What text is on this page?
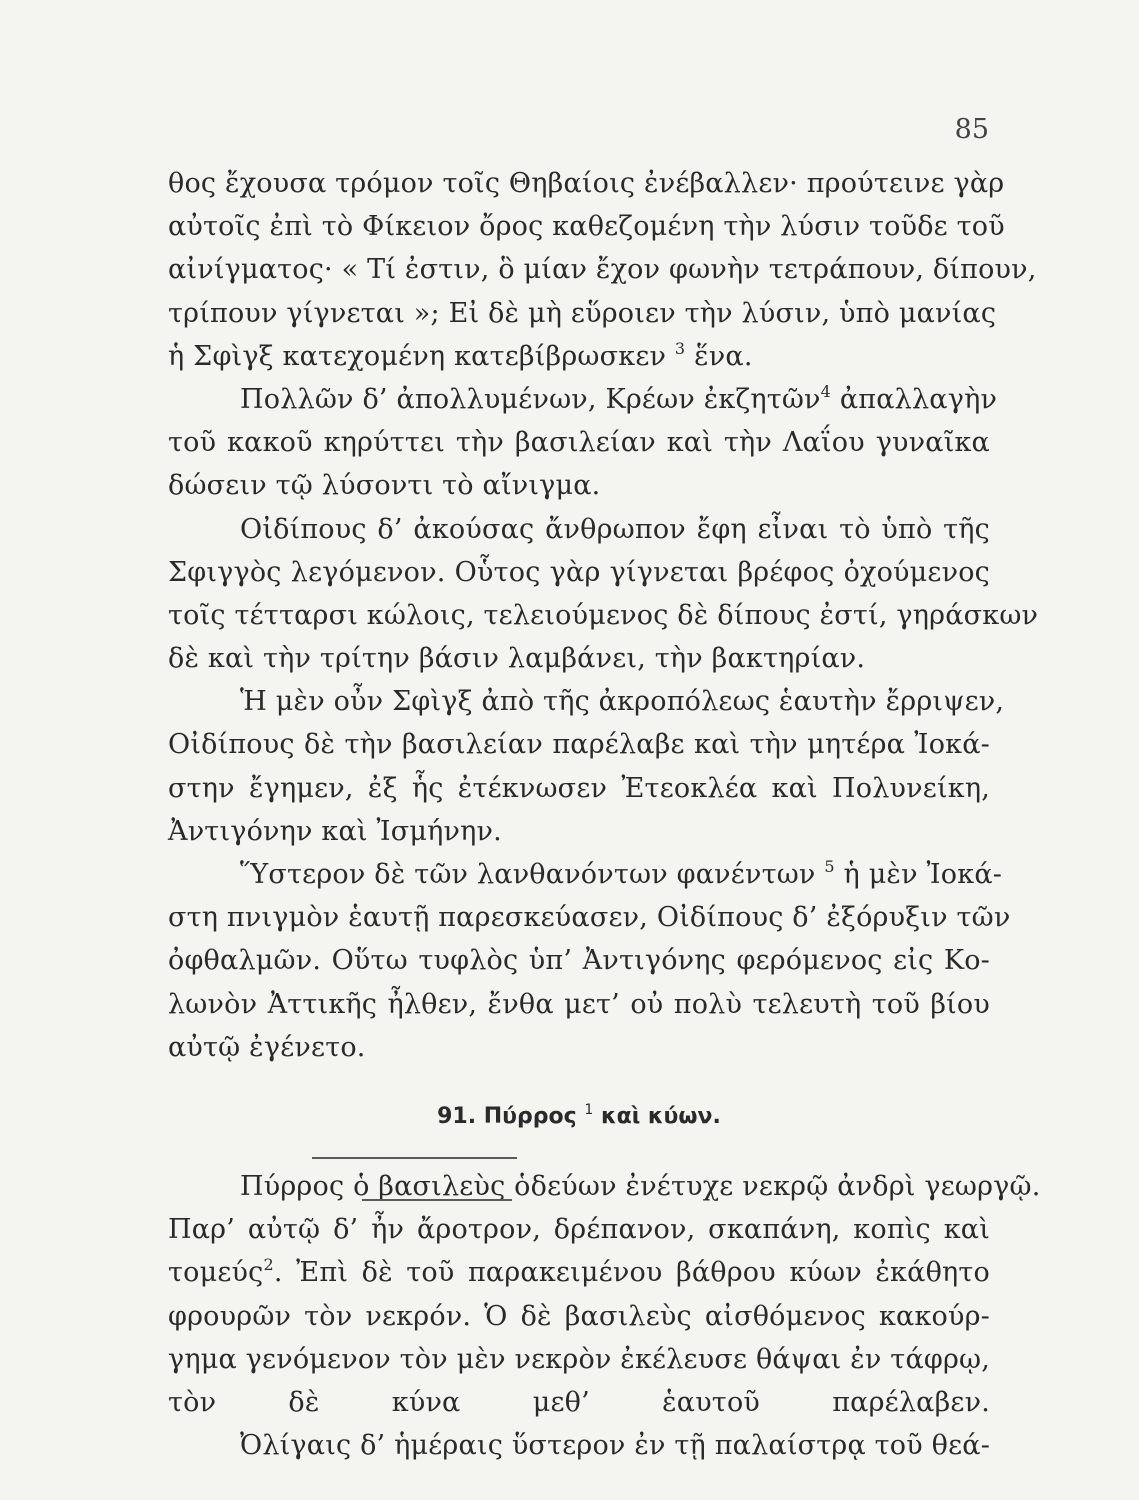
85
θος ἔχουσα τρόμον τοῖς Θηβαίοις ἐνέβαλλεν· προύτεινε γὰρ
αὐτοῖς ἐπὶ τὸ Φίκειον ὄρος καθεζομένη τὴν λύσιν τοῦδε τοῦ
αἰνίγματος· « Τί ἐστιν, ὃ μίαν ἔχον φωνὴν τετράπουν, δίπουν,
τρίπουν γίγνεται »; Εἰ δὲ μὴ εὕροιεν τὴν λύσιν, ὑπὸ μανίας
ἡ Σφὶγξ κατεχομένη κατεβίβρωσκεν $^3$ ἕνα.
Πολλῶν δ’ ἀπολλυμένων, Κρέων ἐκζητῶν$^4$ ἀπαλλαγὴν
τοῦ κακοῦ κηρύττει τὴν βασιλείαν καὶ τὴν Λαΐου γυναῖκα
δώσειν τῷ λύσοντι τὸ αἴνιγμα.
Οἰδίπους δ’ ἀκούσας ἄνθρωπον ἔφη εἶναι τὸ ὑπὸ τῆς
Σφιγγὸς λεγόμενον. Οὗτος γὰρ γίγνεται βρέφος ὀχούμενος
τοῖς τέτταρσι κώλοις, τελειούμενος δὲ δίπους ἐστί, γηράσκων
δὲ καὶ τὴν τρίτην βάσιν λαμβάνει, τὴν βακτηρίαν.
Ἡ μὲν οὖν Σφὶγξ ἀπὸ τῆς ἀκροπόλεως ἑαυτὴν ἔρριψεν,
Οἰδίπους δὲ τὴν βασιλείαν παρέλαβε καὶ τὴν μητέρα Ἰοκά-
στην ἔγημεν, ἐξ ἧς ἐτέκνωσεν Ἐτεοκλέα καὶ Πολυνείκη,
Ἀντιγόνην καὶ Ἰσμήνην.
Ὕστερον δὲ τῶν λανθανόντων φανέντων $^5$ ἡ μὲν Ἰοκά-
στη πνιγμὸν ἑαυτῇ παρεσκεύασεν, Οἰδίπους δ’ ἐξόρυξιν τῶν
ὀφθαλμῶν. Οὕτω τυφλὸς ὑπ’ Ἀντιγόνης φερόμενος εἰς Κο-
λωνὸν Ἀττικῆς ἦλθεν, ἔνθα μετ’ οὐ πολὺ τελευτὴ τοῦ βίου
αὐτῷ ἐγένετο.
91. Πύρρος $^1$ καὶ κύων.
Πύρρος ὁ βασιλεὺς ὁδεύων ἐνέτυχε νεκρῷ ἀνδρὶ γεωργῷ.
Παρ’ αὐτῷ δ’ ἦν ἄροτρον, δρέπανον, σκαπάνη, κοπὶς καὶ
τομεύς$^2$. Ἐπὶ δὲ τοῦ παρακειμένου βάθρου κύων ἐκάθητο
φρουρῶν τὸν νεκρόν. Ὁ δὲ βασιλεὺς αἰσθόμενος κακούρ-
γημα γενόμενον τὸν μὲν νεκρὸν ἐκέλευσε θάψαι ἐν τάφρῳ,
τὸν δὲ κύνα μεθ’ ἑαυτοῦ παρέλαβεν.
Ὀλίγαις δ’ ἡμέραις ὕστερον ἐν τῇ παλαίστρᾳ τοῦ θεά-
